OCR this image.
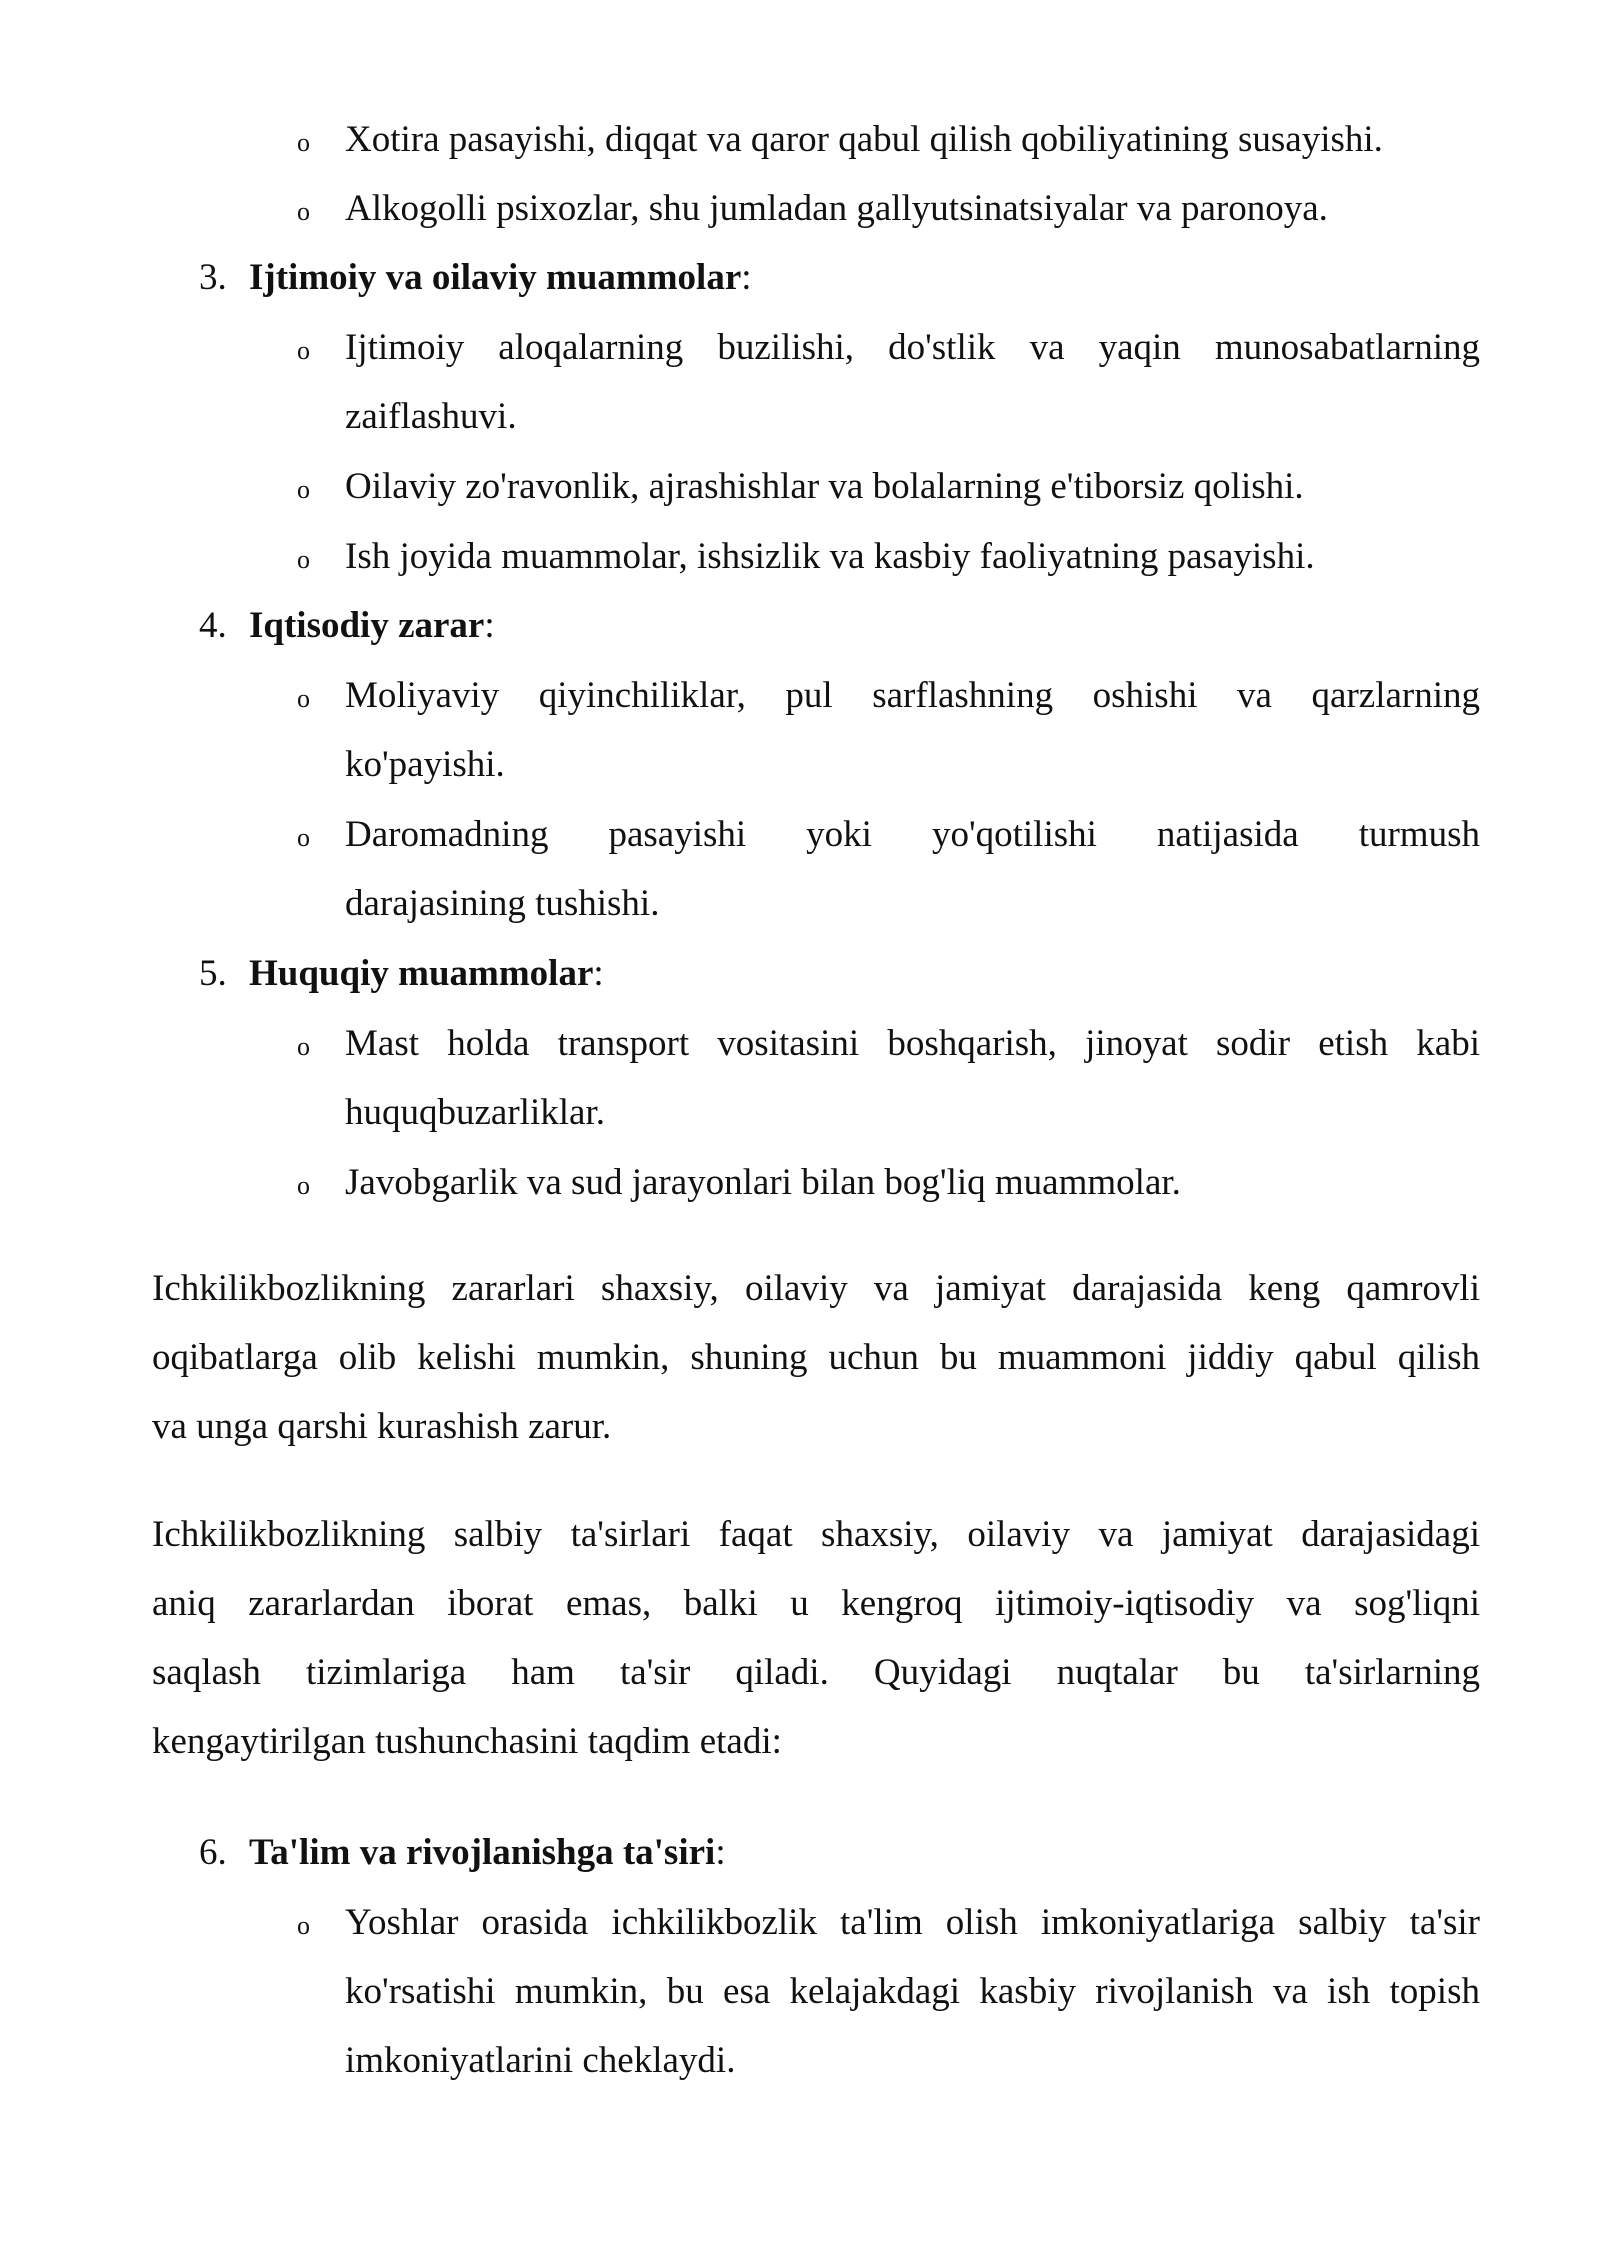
o Xotira pasayishi, diqqat va qaror qabul qilish qobiliyatining susayishi.
o Alkogolli psixozlar, shu jumladan gallyutsinatsiyalar va paronoya.
3. Ijtimoiy va oilaviy muammolar:
o Ijtimoiy aloqalarning buzilishi, do'stlik va yaqin munosabatlarning
zaiflashuvi.
o Oilaviy zo'ravonlik, ajrashishlar va bolalarning e'tiborsiz qolishi.
o Ish joyida muammolar, ishsizlik va kasbiy faoliyatning pasayishi.
4. Iqtisodiy zarar:
o Moliyaviy qiyinchiliklar, pul sarflashning oshishi va qarzlarning
ko'payishi.
o Daromadning pasayishi yoki yo'qotilishi natijasida turmush
darajasining tushishi.
5. Huquqiy muammolar:
o Mast holda transport vositasini boshqarish, jinoyat sodir etish kabi
huquqbuzarliklar.
o Javobgarlik va sud jarayonlari bilan bog'liq muammolar.
Ichkilikbozlikning zararlari shaxsiy, oilaviy va jamiyat darajasida keng qamrovli
oqibatlarga olib kelishi mumkin, shuning uchun bu muammoni jiddiy qabul qilish
va unga qarshi kurashish zarur.
Ichkilikbozlikning salbiy ta'sirlari faqat shaxsiy, oilaviy va jamiyat darajasidagi
aniq zararlardan iborat emas, balki u kengroq ijtimoiy-iqtisodiy va sog'liqni
saqlash tizimlariga ham ta'sir qiladi. Quyidagi nuqtalar bu ta'sirlarning
kengaytirilgan tushunchasini taqdim etadi:
6. Ta'lim va rivojlanishga ta'siri:
o Yoshlar orasida ichkilikbozlik ta'lim olish imkoniyatlariga salbiy ta'sir
ko'rsatishi mumkin, bu esa kelajakdagi kasbiy rivojlanish va ish topish
imkoniyatlarini cheklaydi.
